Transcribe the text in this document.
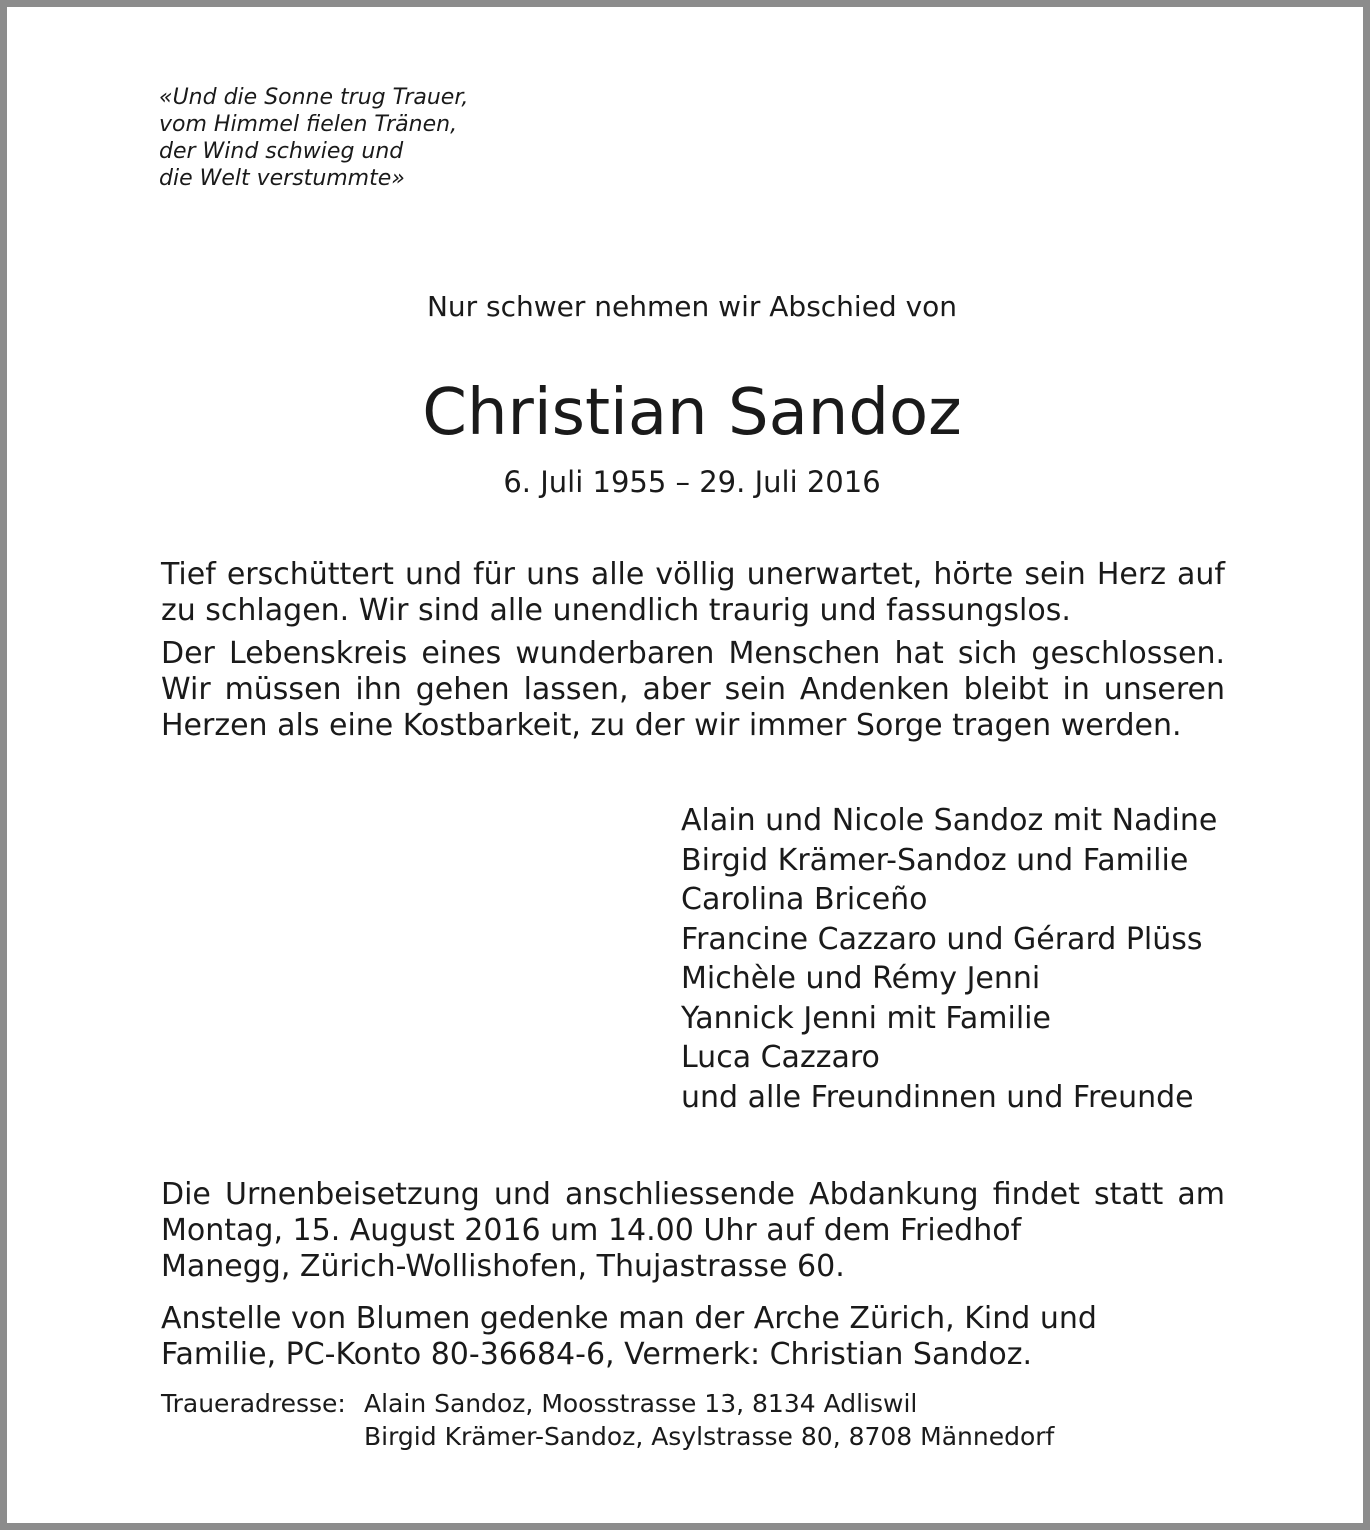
«Und die Sonne trug Trauer,
vom Himmel fielen Tränen,
der Wind schwieg und
die Welt verstummte»
Nur schwer nehmen wir Abschied von
Christian Sandoz
6. Juli 1955 – 29. Juli 2016
Tief erschüttert und für uns alle völlig unerwartet, hörte sein Herz auf
zu schlagen. Wir sind alle unendlich traurig und fassungslos.
Der Lebenskreis eines wunderbaren Menschen hat sich geschlossen.
Wir müssen ihn gehen lassen, aber sein Andenken bleibt in unseren
Herzen als eine Kostbarkeit, zu der wir immer Sorge tragen werden.
Alain und Nicole Sandoz mit Nadine
Birgid Krämer-Sandoz und Familie
Carolina Briceño
Francine Cazzaro und Gérard Plüss
Michèle und Rémy Jenni
Yannick Jenni mit Familie
Luca Cazzaro
und alle Freundinnen und Freunde
Die Urnenbeisetzung und anschliessende Abdankung findet statt am
Montag, 15. August 2016 um 14.00 Uhr auf dem Friedhof
Manegg, Zürich-Wollishofen, Thujastrasse 60.
Anstelle von Blumen gedenke man der Arche Zürich, Kind und
Familie, PC-Konto 80-36684-6, Vermerk: Christian Sandoz.
Traueradresse: Alain Sandoz, Moosstrasse 13, 8134 Adliswil
Birgid Krämer-Sandoz, Asylstrasse 80, 8708 Männedorf
